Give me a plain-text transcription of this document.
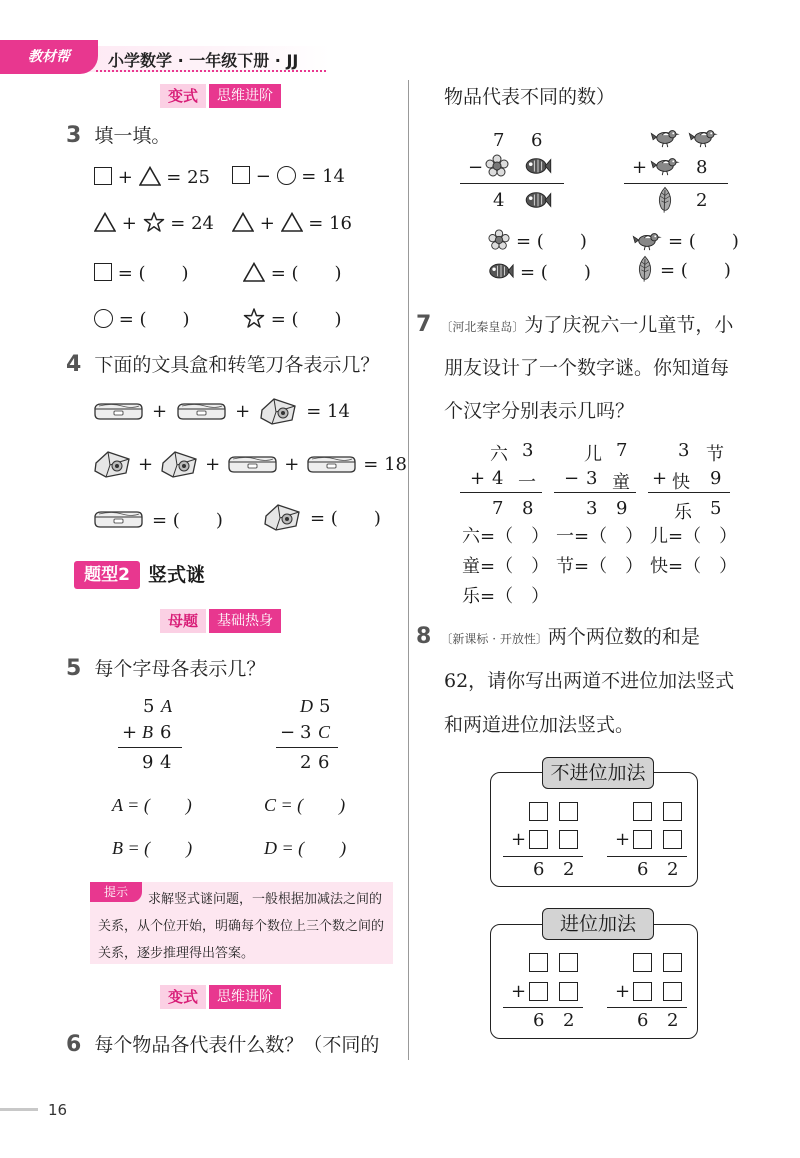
教材帮	小学数学 · 一年级下册 · JJ
变式	思维进阶
3 填一填。
+  = 25	−  = 14
+  = 24	+  = 16
= (　　)	= (　　)
= (　　)	= (　　)
4 下面的文具盒和转笔刀各表示几？
+	+	= 14
+	+	+	= 18
= (　　)	= (　　)
题型2 竖式谜
母题	基础热身
5 每个字母各表示几？
5 A
+ B 6
9 4
D 5
− 3 C
2 6
A = (　　)	C = (　　)
B = (　　)	D = (　　)
提示	求解竖式谜问题，一般根据加减法之间的关系，从个位开始，明确每个数位上三个数之间的关系，逐步推理得出答案。
变式	思维进阶
6 每个物品各代表什么数？（不同的
16
物品代表不同的数）
7 6
−
4
+	8
2
= (　　)	= (　　)
= (　　)	= (　　)
7 〔河北秦皇岛〕为了庆祝六一儿童节，小
朋友设计了一个数字谜。你知道每
个汉字分别表示几吗？
六 3
+ 4 一
7 8
儿 7
− 3 童
3 9
3 节
+ 快 9
乐 5
六=（　） 一=（　） 儿=（　）
童=（　） 节=（　） 快=（　）
乐=（　）
8 〔新课标 · 开放性〕两个两位数的和是
62，请你写出两道不进位加法竖式
和两道进位加法竖式。
不进位加法
+
6 2
+
6 2
进位加法
+
6 2
+
6 2
